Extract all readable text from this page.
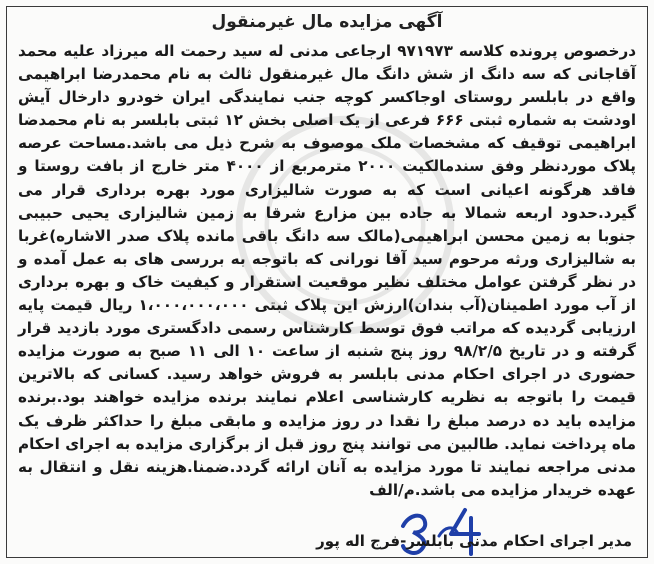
آگهی مزایده مال غیرمنقول

درخصوص پرونده کلاسه ۹۷۱۹۷۳ ارجاعی مدنی له سید رحمت اله میرزاد علیه محمد آقاجانی که سه دانگ از شش دانگ مال غیرمنقول ثالث به نام محمدرضا ابراهیمی واقع در بابلسر روستای اوجاکسر کوچه جنب نمایندگی ایران خودرو دارخال آیش اودشت به شماره ثبتی ۶۶۶ فرعی از یک اصلی بخش ۱۲ ثبتی بابلسر به نام محمدضا ابراهیمی توقیف که مشخصات ملک موصوف به شرح ذیل می باشد.مساحت عرصه پلاک موردنظر وفق سندمالکیت ۲۰۰۰ مترمربع از ۴۰۰۰ متر خارج از بافت روستا و فاقد هرگونه اعیانی است که به صورت شالیزاری مورد بهره برداری قرار می گیرد.حدود اربعه شمالا به جاده بین مزارع شرقا به زمین شالیزاری یحیی حبیبی جنوبا به زمین محسن ابراهیمی(مالک سه دانگ باقی مانده پلاک صدر الاشاره)غربا به شالیزاری ورثه مرحوم سید آقا نورانی که باتوجه به بررسی های به عمل آمده و در نظر گرفتن عوامل مختلف نظیر موقعیت استقرار و کیفیت خاک و بهره برداری از آب مورد اطمینان(آب بندان)ارزش این پلاک ثبتی ۱،۰۰۰،۰۰۰،۰۰۰ ریال قیمت پایه ارزیابی گردیده که مراتب فوق توسط کارشناس رسمی دادگستری مورد بازدید قرار گرفته و در تاریخ ۹۸/۲/۵ روز پنج شنبه از ساعت ۱۰ الی ۱۱ صبح به صورت مزایده حضوری در اجرای احکام مدنی بابلسر به فروش خواهد رسید. کسانی که بالاترین قیمت را باتوجه به نظریه کارشناسی اعلام نمایند برنده مزایده خواهند بود.برنده مزایده باید ده درصد مبلغ را نقدا در روز مزایده و مابقی مبلغ را حداکثر ظرف یک ماه پرداخت نماید. طالبین می توانند پنج روز قبل از برگزاری مزایده به اجرای احکام مدنی مراجعه نمایند تا مورد مزایده به آنان ارائه گردد.ضمنا.هزینه نقل و انتقال به عهده خریدار مزایده می باشد.م/الف

مدیر اجرای احکام مدنی بابلسر-فرج اله پور
